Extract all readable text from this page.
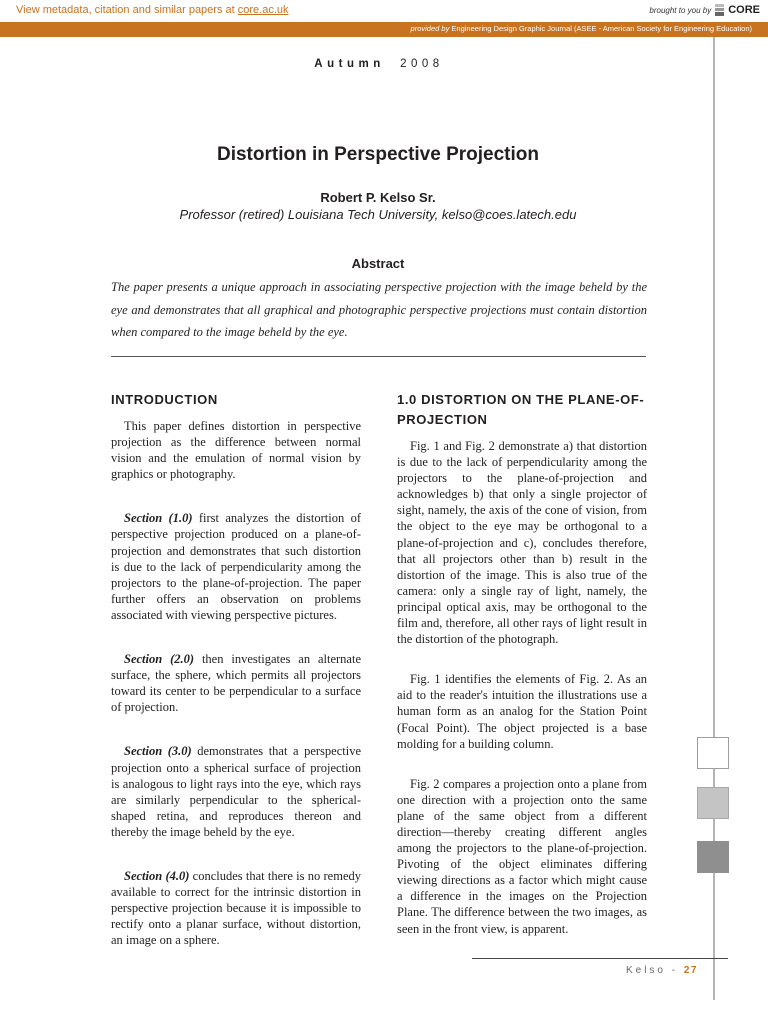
View metadata, citation and similar papers at core.ac.uk	brought to you by CORE
provided by Engineering Design Graphic Journal (ASEE - American Society for Engineering Education)
Autumn 2008
Distortion in Perspective Projection
Robert P. Kelso Sr.
Professor (retired) Louisiana Tech University, kelso@coes.latech.edu
Abstract
The paper presents a unique approach in associating perspective projection with the image beheld by the eye and demonstrates that all graphical and photographic perspective projections must contain distortion when compared to the image beheld by the eye.
INTRODUCTION

This paper defines distortion in perspective projection as the difference between normal vision and the emulation of normal vision by graphics or photography.

Section (1.0) first analyzes the distortion of perspective projection produced on a plane-of-projection and demonstrates that such distortion is due to the lack of perpendicularity among the projectors to the plane-of-projection. The paper further offers an observation on problems associated with viewing perspective pictures.

Section (2.0) then investigates an alternate surface, the sphere, which permits all projectors toward its center to be perpendicular to a surface of projection.

Section (3.0) demonstrates that a perspective projection onto a spherical surface of projection is analogous to light rays into the eye, which rays are similarly perpendicular to the spherical-shaped retina, and reproduces thereon and thereby the image beheld by the eye.

Section (4.0) concludes that there is no remedy available to correct for the intrinsic distortion in perspective projection because it is impossible to rectify onto a planar surface, without distortion, an image on a sphere.

1.0 DISTORTION ON THE PLANE-OF-PROJECTION

Fig. 1 and Fig. 2 demonstrate a) that distortion is due to the lack of perpendicularity among the projectors to the plane-of-projection and acknowledges b) that only a single projector of sight, namely, the axis of the cone of vision, from the object to the eye may be orthogonal to a plane-of-projection and c), concludes therefore, that all projectors other than b) result in the distortion of the image. This is also true of the camera: only a single ray of light, namely, the principal optical axis, may be orthogonal to the film and, therefore, all other rays of light result in the distortion of the photograph.

Fig. 1 identifies the elements of Fig. 2. As an aid to the reader's intuition the illustrations use a human form as an analog for the Station Point (Focal Point). The object projected is a base molding for a building column.

Fig. 2 compares a projection onto a plane from one direction with a projection onto the same plane of the same object from a different direction—thereby creating different angles among the projectors to the plane-of-projection. Pivoting of the object eliminates differing viewing directions as a factor which might cause a difference in the images on the Projection Plane. The difference between the two images, as seen in the front view, is apparent.

Kelso - 27
